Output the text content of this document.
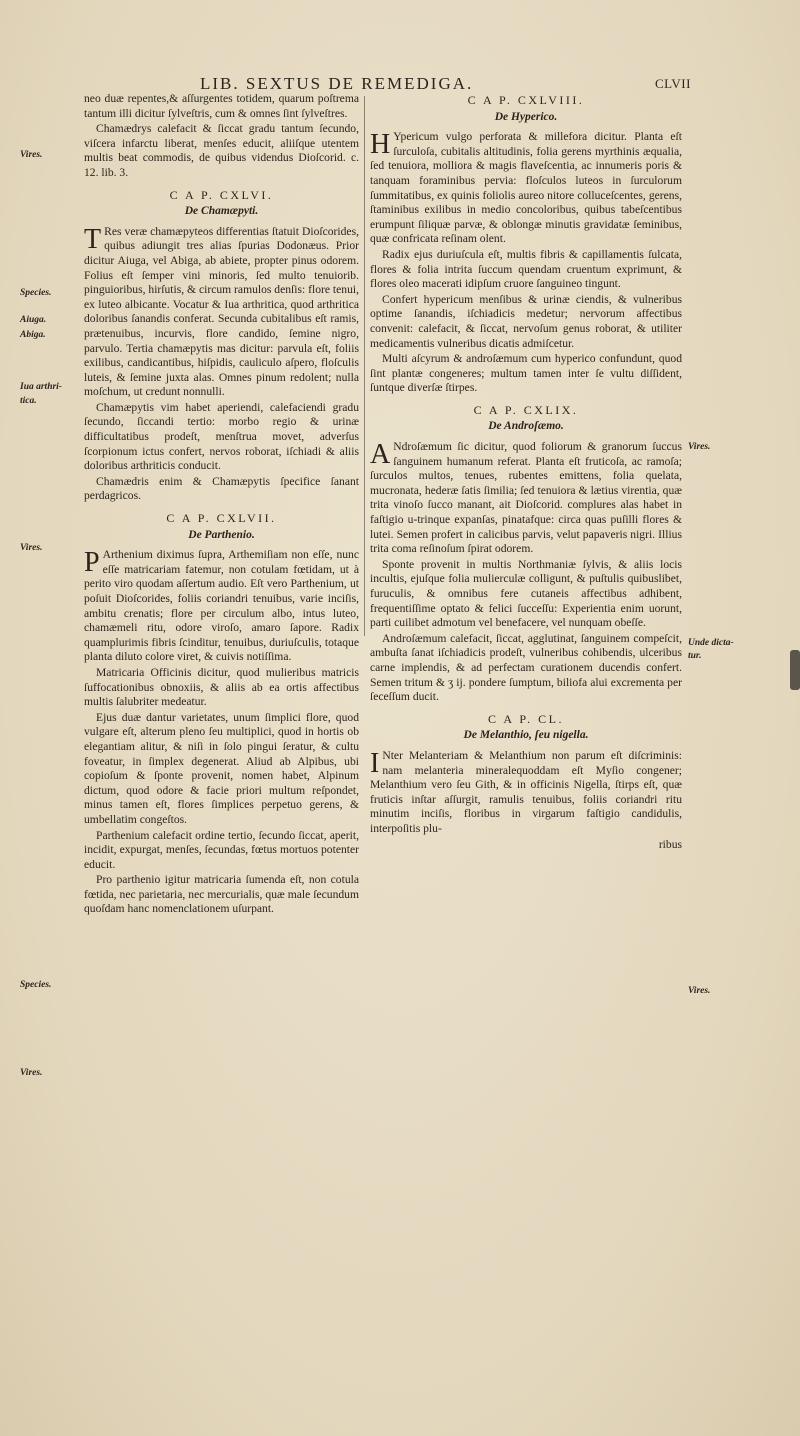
LIB. SEXTUS DE REMEDIGA.	CLVII
Vires.
Species.
Aiuga.
Abiga.
Iua arthri-
tica.
Vires.
Species.
Vires.
Vires.
Unde dicta-
tur.
Vires.

neo duæ repentes,& aſſurgentes totidem, quarum poſtrema tantum illi dicitur ſylveſtris, cum & omnes ſint ſylveſtres.

Chamædrys calefacit & ſiccat gradu tantum ſecundo, viſcera infarctu liberat, menſes educit, aliiſque utentem multis beat commodis, de quibus videndus Dioſcorid. c. 12. lib. 3.

C A P. CXLVI.
De Chamæpyti.

T Res veræ chamæpyteos differentias ſtatuit Dioſcorides, quibus adiungit tres alias ſpurias Dodonæus. Prior dicitur Aiuga, vel Abiga, ab abiete, propter pinus odorem. Folius eſt ſemper vini minoris, ſed multo tenuiorib. pinguioribus, hirſutis, & circum ramulos denſis: flore tenui, ex luteo albicante. Vocatur & Iua arthritica, quod arthritica doloribus ſanandis conferat. Secunda cubitalibus eſt ramis, prætenuibus, incurvis, flore candido, ſemine nigro, parvulo. Tertia chamæpytis mas dicitur: parvula eſt, foliis exilibus, candicantibus, hiſpidis, cauliculo aſpero, floſculis luteis, & ſemine juxta alas. Omnes pinum redolent; nulla moſchum, ut credunt nonnulli.

Chamæpytis vim habet aperiendi, calefaciendi gradu ſecundo, ſiccandi tertio: morbo regio & urinæ difficultatibus prodeſt, menſtrua movet, adverſus ſcorpionum ictus confert, nervos roborat, iſchiadi & aliis doloribus arthriticis conducit.

Chamædris enim & Chamæpytis ſpecifice ſanant perdagricos.

C A P. CXLVII.
De Parthenio.

P Arthenium diximus ſupra, Arthemiſiam non eſſe, nunc eſſe matricariam fatemur, non cotulam fœtidam, ut à perito viro quodam aſſertum audio. Eſt vero Parthenium, ut poſuit Dioſcorides, foliis coriandri tenuibus, varie inciſis, ambitu crenatis; flore per circulum albo, intus luteo, chamæmeli ritu, odore viroſo, amaro ſapore. Radix quamplurimis fibris ſcinditur, tenuibus, duriuſculis, totaque planta diluto colore viret, & cuivis notiſſima.

Matricaria Officinis dicitur, quod mulieribus matricis ſuffocationibus obnoxiis, & aliis ab ea ortis affectibus multis ſalubriter medeatur.

Ejus duæ dantur varietates, unum ſimplici flore, quod vulgare eſt, alterum pleno ſeu multiplici, quod in hortis ob elegantiam alitur, & niſi in ſolo pingui ſeratur, & cultu foveatur, in ſimplex degenerat. Aliud ab Alpibus, ubi copioſum & ſponte provenit, nomen habet, Alpinum dictum, quod odore & facie priori multum reſpondet, minus tamen eſt, flores ſimplices perpetuo gerens, & umbellatim congeſtos.

Parthenium calefacit ordine tertio, ſecundo ſiccat, aperit, incidit, expurgat, menſes, ſecundas, fœtus mortuos potenter educit.

Pro parthenio igitur matricaria ſumenda eſt, non cotula fœtida, nec parietaria, nec mercurialis, quæ male ſecundum quoſdam hanc nomenclationem uſurpant.

C A P. CXLVIII.
De Hyperico.

H Ypericum vulgo perforata & millefora dicitur. Planta eſt ſurculoſa, cubitalis altitudinis, folia gerens myrthinis æqualia, ſed tenuiora, molliora & magis flaveſcentia, ac innumeris poris & tanquam foraminibus pervia: floſculos luteos in ſurculorum ſummitatibus, ex quinis foliolis aureo nitore colluceſcentes, gerens, ſtaminibus exilibus in medio concoloribus, quibus tabeſcentibus erumpunt ſiliquæ parvæ, & oblongæ minutis gravidatæ ſeminibus, quæ confricata reſinam olent.

Radix ejus duriuſcula eſt, multis fibris & capillamentis ſulcata, flores & folia intrita ſuccum quendam cruentum exprimunt, & flores oleo macerati idipſum cruore ſanguineo tingunt.

Confert hypericum menſibus & urinæ ciendis, & vulneribus optime ſanandis, iſchiadicis medetur; nervorum affectibus convenit: calefacit, & ſiccat, nervoſum genus roborat, & utiliter medicamentis vulneribus dicatis admiſcetur.

Multi aſcyrum & androſæmum cum hyperico confundunt, quod ſint plantæ congeneres; multum tamen inter ſe vultu diſſident, ſuntque diverſæ ſtirpes.

C A P. CXLIX.
De Androſæmo.

A Ndroſæmum ſic dicitur, quod foliorum & granorum ſuccus ſanguinem humanum referat. Planta eſt fruticoſa, ac ramoſa; ſurculos multos, tenues, rubentes emittens, folia quelata, mucronata, hederæ ſatis ſimilia; ſed tenuiora & lætius virentia, quæ trita vinoſo ſucco manant, ait Dioſcorid. complures alas habet in faſtigio u-trinque expanſas, pinatafque: circa quas puſilli flores & lutei. Semen profert in calicibus parvis, velut papaveris nigri. Illius trita coma reſinoſum ſpirat odorem.

Sponte provenit in multis Northmaniæ ſylvis, & aliis locis incultis, ejuſque folia mulierculæ colligunt, & puſtulis quibuslibet, furuculis, & omnibus fere cutaneis affectibus adhibent, frequentiſſime optato & felici ſucceſſu: Experientia enim uorunt, parti cuilibet admotum vel benefacere, vel nunquam obeſſe.

Androſæmum calefacit, ſiccat, agglutinat, ſanguinem compeſcit, ambuſta ſanat iſchiadicis prodeſt, vulneribus cohibendis, ulceribus carne implendis, & ad perfectam curationem ducendis confert. Semen tritum & ʒ ij. pondere ſumptum, biliofa alui excrementa per ſeceſſum ducit.

C A P. CL.
De Melanthio, ſeu nigella.

I Nter Melanteriam & Melanthium non parum eſt diſcriminis: nam melanteria mineralequoddam eſt Myſio congener; Melanthium vero ſeu Gith, & in officinis Nigella, ſtirps eſt, quæ fruticis inſtar aſſurgit, ramulis tenuibus, foliis coriandri ritu minutim inciſis, floribus in virgarum faſtigio candidulis, interpoſitis plu-

ribus
